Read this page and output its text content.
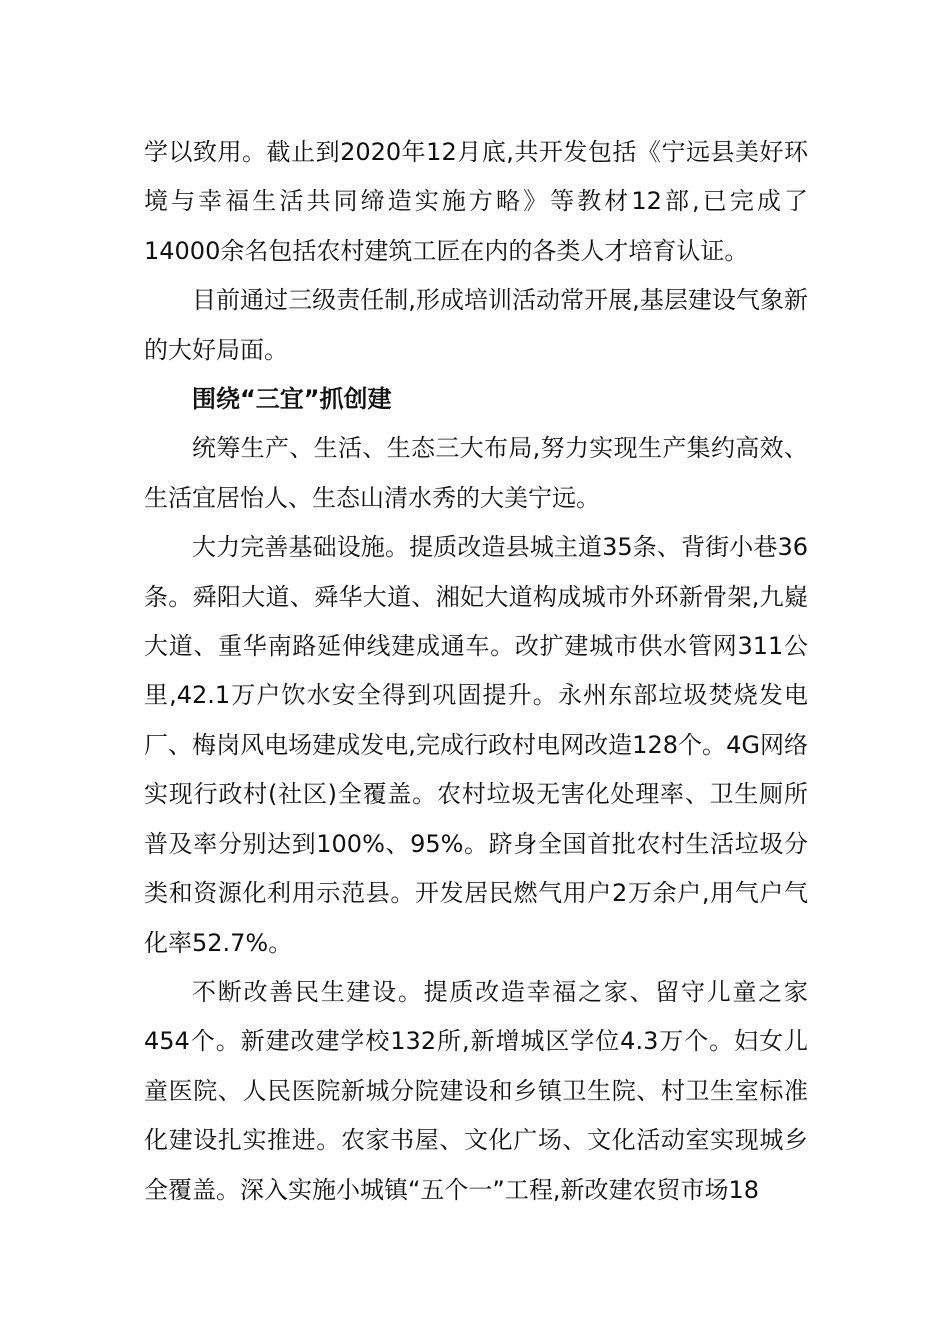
学以致用。截止到2020年12月底,共开发包括《宁远县美好环境与幸福生活共同缔造实施方略》等教材12部,已完成了14000余名包括农村建筑工匠在内的各类人才培育认证。

目前通过三级责任制,形成培训活动常开展,基层建设气象新的大好局面。

围绕“三宜”抓创建

统筹生产、生活、生态三大布局,努力实现生产集约高效、生活宜居怡人、生态山清水秀的大美宁远。

大力完善基础设施。提质改造县城主道35条、背街小巷36条。舜阳大道、舜华大道、湘妃大道构成城市外环新骨架,九嶷大道、重华南路延伸线建成通车。改扩建城市供水管网311公里,42.1万户饮水安全得到巩固提升。永州东部垃圾焚烧发电厂、梅岗风电场建成发电,完成行政村电网改造128个。4G网络实现行政村(社区)全覆盖。农村垃圾无害化处理率、卫生厕所普及率分别达到100%、95%。跻身全国首批农村生活垃圾分类和资源化利用示范县。开发居民燃气用户2万余户,用气户气化率52.7%。

不断改善民生建设。提质改造幸福之家、留守儿童之家454个。新建改建学校132所,新增城区学位4.3万个。妇女儿童医院、人民医院新城分院建设和乡镇卫生院、村卫生室标准化建设扎实推进。农家书屋、文化广场、文化活动室实现城乡全覆盖。深入实施小城镇“五个一”工程,新改建农贸市场18
